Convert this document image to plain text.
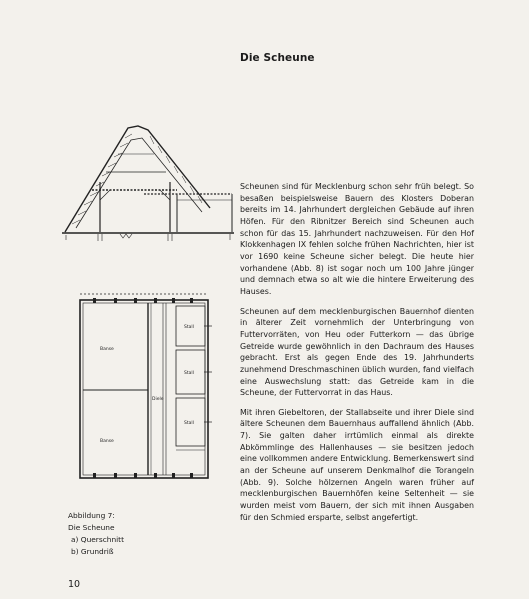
Die Scheune
Banse
Banse
Diele
Stall
Stall
Stall
Abbildung 7:
Die Scheune
a) Querschnitt
b) Grundriß

Scheunen sind für Mecklenburg schon sehr früh belegt. So besaßen beispielsweise Bauern des Klosters Doberan bereits im 14. Jahrhundert dergleichen Gebäude auf ihren Höfen. Für den Ribnitzer Bereich sind Scheunen auch schon für das 15. Jahrhundert nachzuweisen. Für den Hof Klokkenhagen IX fehlen solche frühen Nachrichten, hier ist vor 1690 keine Scheune sicher belegt. Die heute hier vorhandene (Abb. 8) ist sogar noch um 100 Jahre jünger und demnach etwa so alt wie die hintere Erweiterung des Hauses.

Scheunen auf dem mecklenburgischen Bauernhof dienten in älterer Zeit vornehmlich der Unterbringung von Futtervorräten, von Heu oder Futterkorn — das übrige Getreide wurde gewöhnlich in den Dachraum des Hauses gebracht. Erst als gegen Ende des 19. Jahrhunderts zunehmend Dreschmaschinen üblich wurden, fand vielfach eine Auswechslung statt: das Getreide kam in die Scheune, der Futtervorrat in das Haus.

Mit ihren Giebeltoren, der Stallabseite und ihrer Diele sind ältere Scheunen dem Bauernhaus auffallend ähnlich (Abb. 7). Sie galten daher irrtümlich einmal als direkte Abkömmlinge des Hallenhauses — sie besitzen jedoch eine vollkommen andere Entwicklung. Bemerkenswert sind an der Scheune auf unserem Denkmalhof die Torangeln (Abb. 9). Solche hölzernen Angeln waren früher auf mecklenburgischen Bauernhöfen keine Seltenheit — sie wurden meist vom Bauern, der sich mit ihnen Ausgaben für den Schmied ersparte, selbst angefertigt.

10
